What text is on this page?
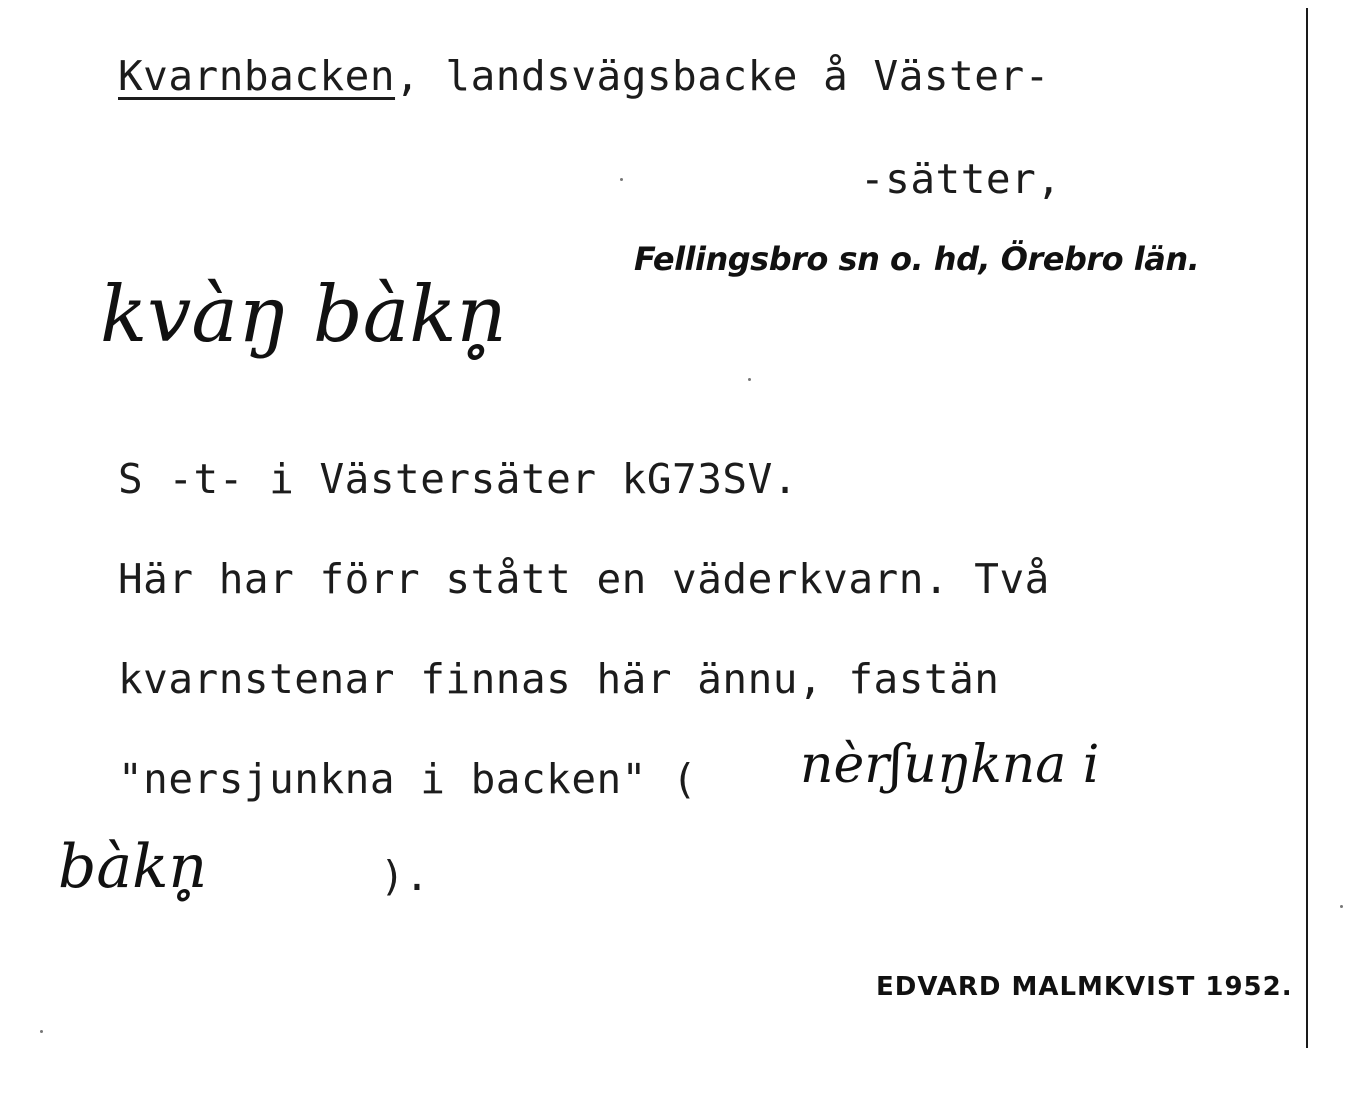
Kvarnbacken, landsvägsbacke å Väster-
-sätter,
Fellingsbro sn o. hd, Örebro län.
kvàŋ bàkn̥
S -t- i Västersäter kG73SV.
Här har förr stått en väderkvarn. Två
kvarnstenar finnas här ännu, fastän
"nersjunkna i backen" ( nèrʃuŋkna i
bàkn̥	).
EDVARD MALMKVIST 1952.
